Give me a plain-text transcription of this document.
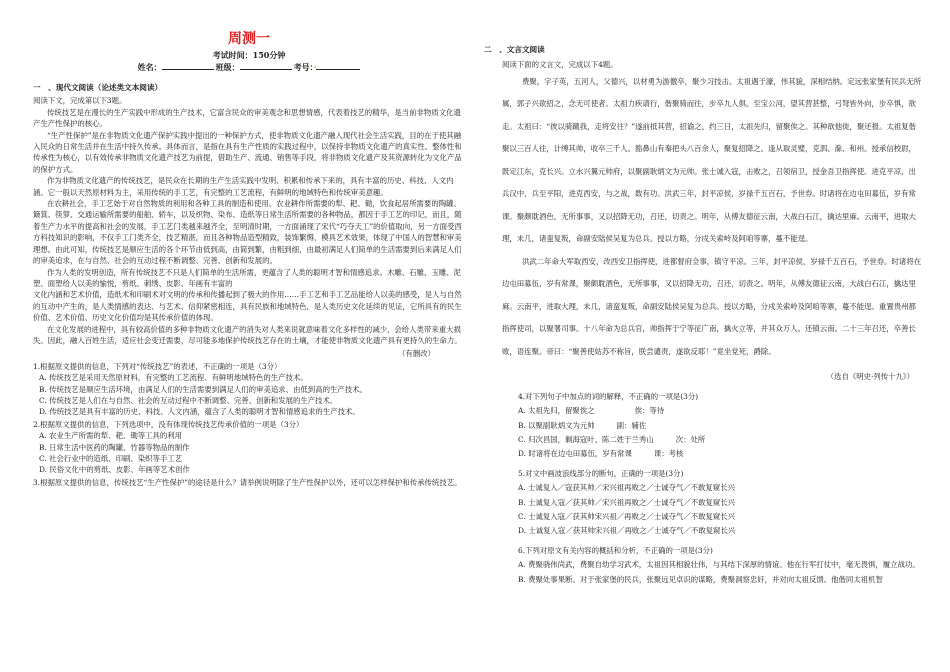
周测一

考试时间：150分钟

姓名：	班级：	考号：·

一　、现代文阅读（论述类文本阅读）

阅读下文，完成第以下3题。

传统技艺是在漫长的生产实践中形成的生产技术，它富含民众的审美观念和思想情感，代表着技艺的精华，是当前非物质文化遗产生产性保护的核心。

“生产性保护”是在非物质文化遗产保护实践中提出的一种保护方式，使非物质文化遗产融入现代社会生活实践，目的在于使其融入民众的日常生活并在生活中持久传承。具体而言，是指在具有生产性质的实践过程中，以保持非物质文化遗产的真实性、整体性和传承性为核心，以有效传承非物质文化遗产技艺为前提，借助生产、流通、销售等手段，将非物质文化遗产及其资源转化为文化产品的保护方式。

作为非物质文化遗产的传统技艺，是民众在长期的生产生活实践中发明、积累和传承下来的，具有丰富的历史、科技、人文内涵。它一般以天然原材料为主，采用传统的手工艺，有完整的工艺流程，有鲜明的地域特色和传统审美意趣。

在农耕社会，手工艺始于对自然物质的利用和各种工具的制造和使用。农业耕作所需要的犁、耙、锄，饮食起居所需要的陶罐、簸箕、筷箩、交通运输所需要的船舶、轿车，以及织物、染布、造纸等日常生活所需要的各种物品，都因于手工艺的印记，而且，随着生产力水平的提高和社会的发展，手工艺门类越来越齐全，至明清时期，一方面涌现了宋代“巧夺天工”的价值取向，另一方面受西方科技知识的影响，不仅手工门类齐全，技艺精湛，而且各种物品造型精致，装饰繁缛，模具艺术效果，体现了中国人的智慧和审美理想。由此可知，传统技艺是顺应生活的各个环节由低到高，由简到繁，由粗到细，由最初满足人们简单的生活需要到后来满足人们的审美追求，在与自然、社会的互动过程不断调整、完善、创新和发展的。

作为人类的发明创造，所有传统技艺不只是人们简单的生活所需，更蕴含了人类的聪明才智和情感追求。木雕、石雕、玉雕、泥塑、面塑给人以美的愉悦，剪纸、刺绣、皮影、年画有丰富的

文化内涵和艺术价值，造纸术和印刷术对文明的传承和传播起到了极大的作用……手工艺和手工艺品能给人以美的感受，是人与自然的互动中产生的，是人类情感的表达、与艺术、信仰紧密相连，具有民族和地域特色，是人类历史文化延续的见证，它所具有的民生价值、艺术价值、历史文化价值均是其传承价值的体现。

在文化发展的进程中，具有较高价值的多种非物质文化遗产的消失对人类来说就意味着文化多样性的减少，会给人类带来重大损失。因此，融入百姓生活，适应社会变迁需要，尽可能多地保护传统技艺存在的土壤，才能使非物质文化遗产具有更持久的生命力。

（有删改）

1.根据原文提供的信息，下列对“传统技艺”的表述，不正确的一项是（3分）

A. 传统技艺是采用天然原材料，有完整的工艺流程、有鲜明地域特色的生产技术。

B. 传统技艺是顺应生活环境，由满足人们的生活需要到满足人们的审美追求、由低到高的生产技术。

C. 传统技艺是人们在与自然、社会的互动过程中不断调整、完善、创新和发展的生产技术。

D. 传统技艺是具有丰富的历史、科技、人文内涵，蕴含了人类的聪明才智和情感追求的生产技术。

2.根据原文提供的信息，下列选项中，没有体现传统技艺传承价值的一项是（3分）

A. 农业生产所需的犁、耙、锄等工具的利用

B. 日常生活中医药的陶罐、竹器等物品的制作

C. 社会行业中的造纸、印刷、染织等手工艺

D. 民俗文化中的剪纸、皮影、年画等艺术创作

3.根据原文提供的信息，传统技艺“生产性保护”的途径是什么？请举例说明除了生产性保护以外，还可以怎样保护和传承传统技艺。

二　、文言文阅读

阅读下面的文言文，完成以下4题。

费聚，字子英，五河人，父德兴，以材勇为游徼卒，聚少习技击。太祖遇于濠，伟其貌，深相结纳。定远张家堡有民兵无所属，郭子兴欲招之，念无可使者。太祖力疾请行，偕聚骑而往，步卒九人俱。至宝公河，望其营甚整，弓弩皆外向，步卒惧，欲走。太祖曰：“彼以骑蹴我，走将安往？”遂前抵其营，招谕之，约三日，太祖先归，留聚俟之。其种欲他徙，聚还报。太祖复偕聚以三百人往，计缚其帅，收卒三千人。豁鼻山有秦把头八百余人，聚复招降之。逢从取灵璧，克泗、滁、和州。授承信校尉，既定江东，克长兴。立水兴翼元帅府，以聚副耿炳文为元帅。张士诚入寇，击败之，召领宿卫，授金吾卫指挥使。进克平凉，出兵汉中，兵至平阳，进克西安，与之战，数有功。洪武三年，封平凉侯，岁禄千五百石，予世券。时诸将在边屯田募伍，岁有常课。聚颇耽酒色，无所事事，又以招降无功，召还，切责之。明年，从傅友德征云南，大战白石江，擒达里麻。云南平，进取大理，未几，诸蛮复叛，命副安陆侯吴复为总兵。授以方略，分戍关索岭及阿咱等寨，蔓不能逞。

洪武二年命大军取西安，改西安卫指挥使，进都督府佥事，镇守平凉。三年，封平凉侯，岁禄千五百石，予世券。时诸将在边屯田募伍，岁有常课，聚颇耽酒色，无所事事，又以招降无功，召还，切责之。明年，从傅友德征云南，大战白石江，擒达里麻。云南平，进取大理，未几，诸蛮复叛，命副安陆侯吴复为总兵。授以方略，分戍关索岭及阿咱等寨，蔓不能逞。重置贵州都指挥使司，以聚署司事。十八年命为总兵官，帅指挥于宁等征广南，擒火立等，并其众万人。还镇云南。二十三年召还，卒善长败，语连聚。帝曰：“聚善使姑苏不称旨，朕尝谴责，遂欲反耶！”竟坐党死，爵除。

（选自《明史·列传十九》）

4.对下列句子中加点的词的解释，不正确的一项是(3分)

A. 太祖先归，留聚俟之	俟：等待

B. 以聚副耿炳文为元帅	副：辅佐

C. 归次昌国，剿海寇叶、陈二姓于兰秀山	次：处所

D. 时诸将在边屯田募伍，岁有常课	课：考核

5.对文中画波浪线部分的断句，正确的一项是(3分)

A. 士诚复入／寇获其帅／宋兴祖再败之／士诚夺气／不敢复窥长兴

B. 士诚复入寇／获其帅／宋兴祖再败之／士诚夺气／不敢复窥长兴

C. 士诚复入寇／获其帅宋兴祖／再败之／士诚夺气／不敢复窥长兴

D. 士诚复入寇／获其帅宋兴祖／再败之／士诚夺气／不敢复窥长兴

6.下列对原文有关内容的概括和分析，不正确的一项是(3分)

A. 费聚骁伟尚武，费聚自幼学习武术，太祖因其相貌壮伟，与其结下深厚的情谊。他在行军打仗中，毫无畏惧，履立战功。

B. 费聚处事果断。对于张家堡的民兵，张聚远见卓识的谋略，费聚洞察忠奸，并对向太祖反馈。他偕同太祖机智
